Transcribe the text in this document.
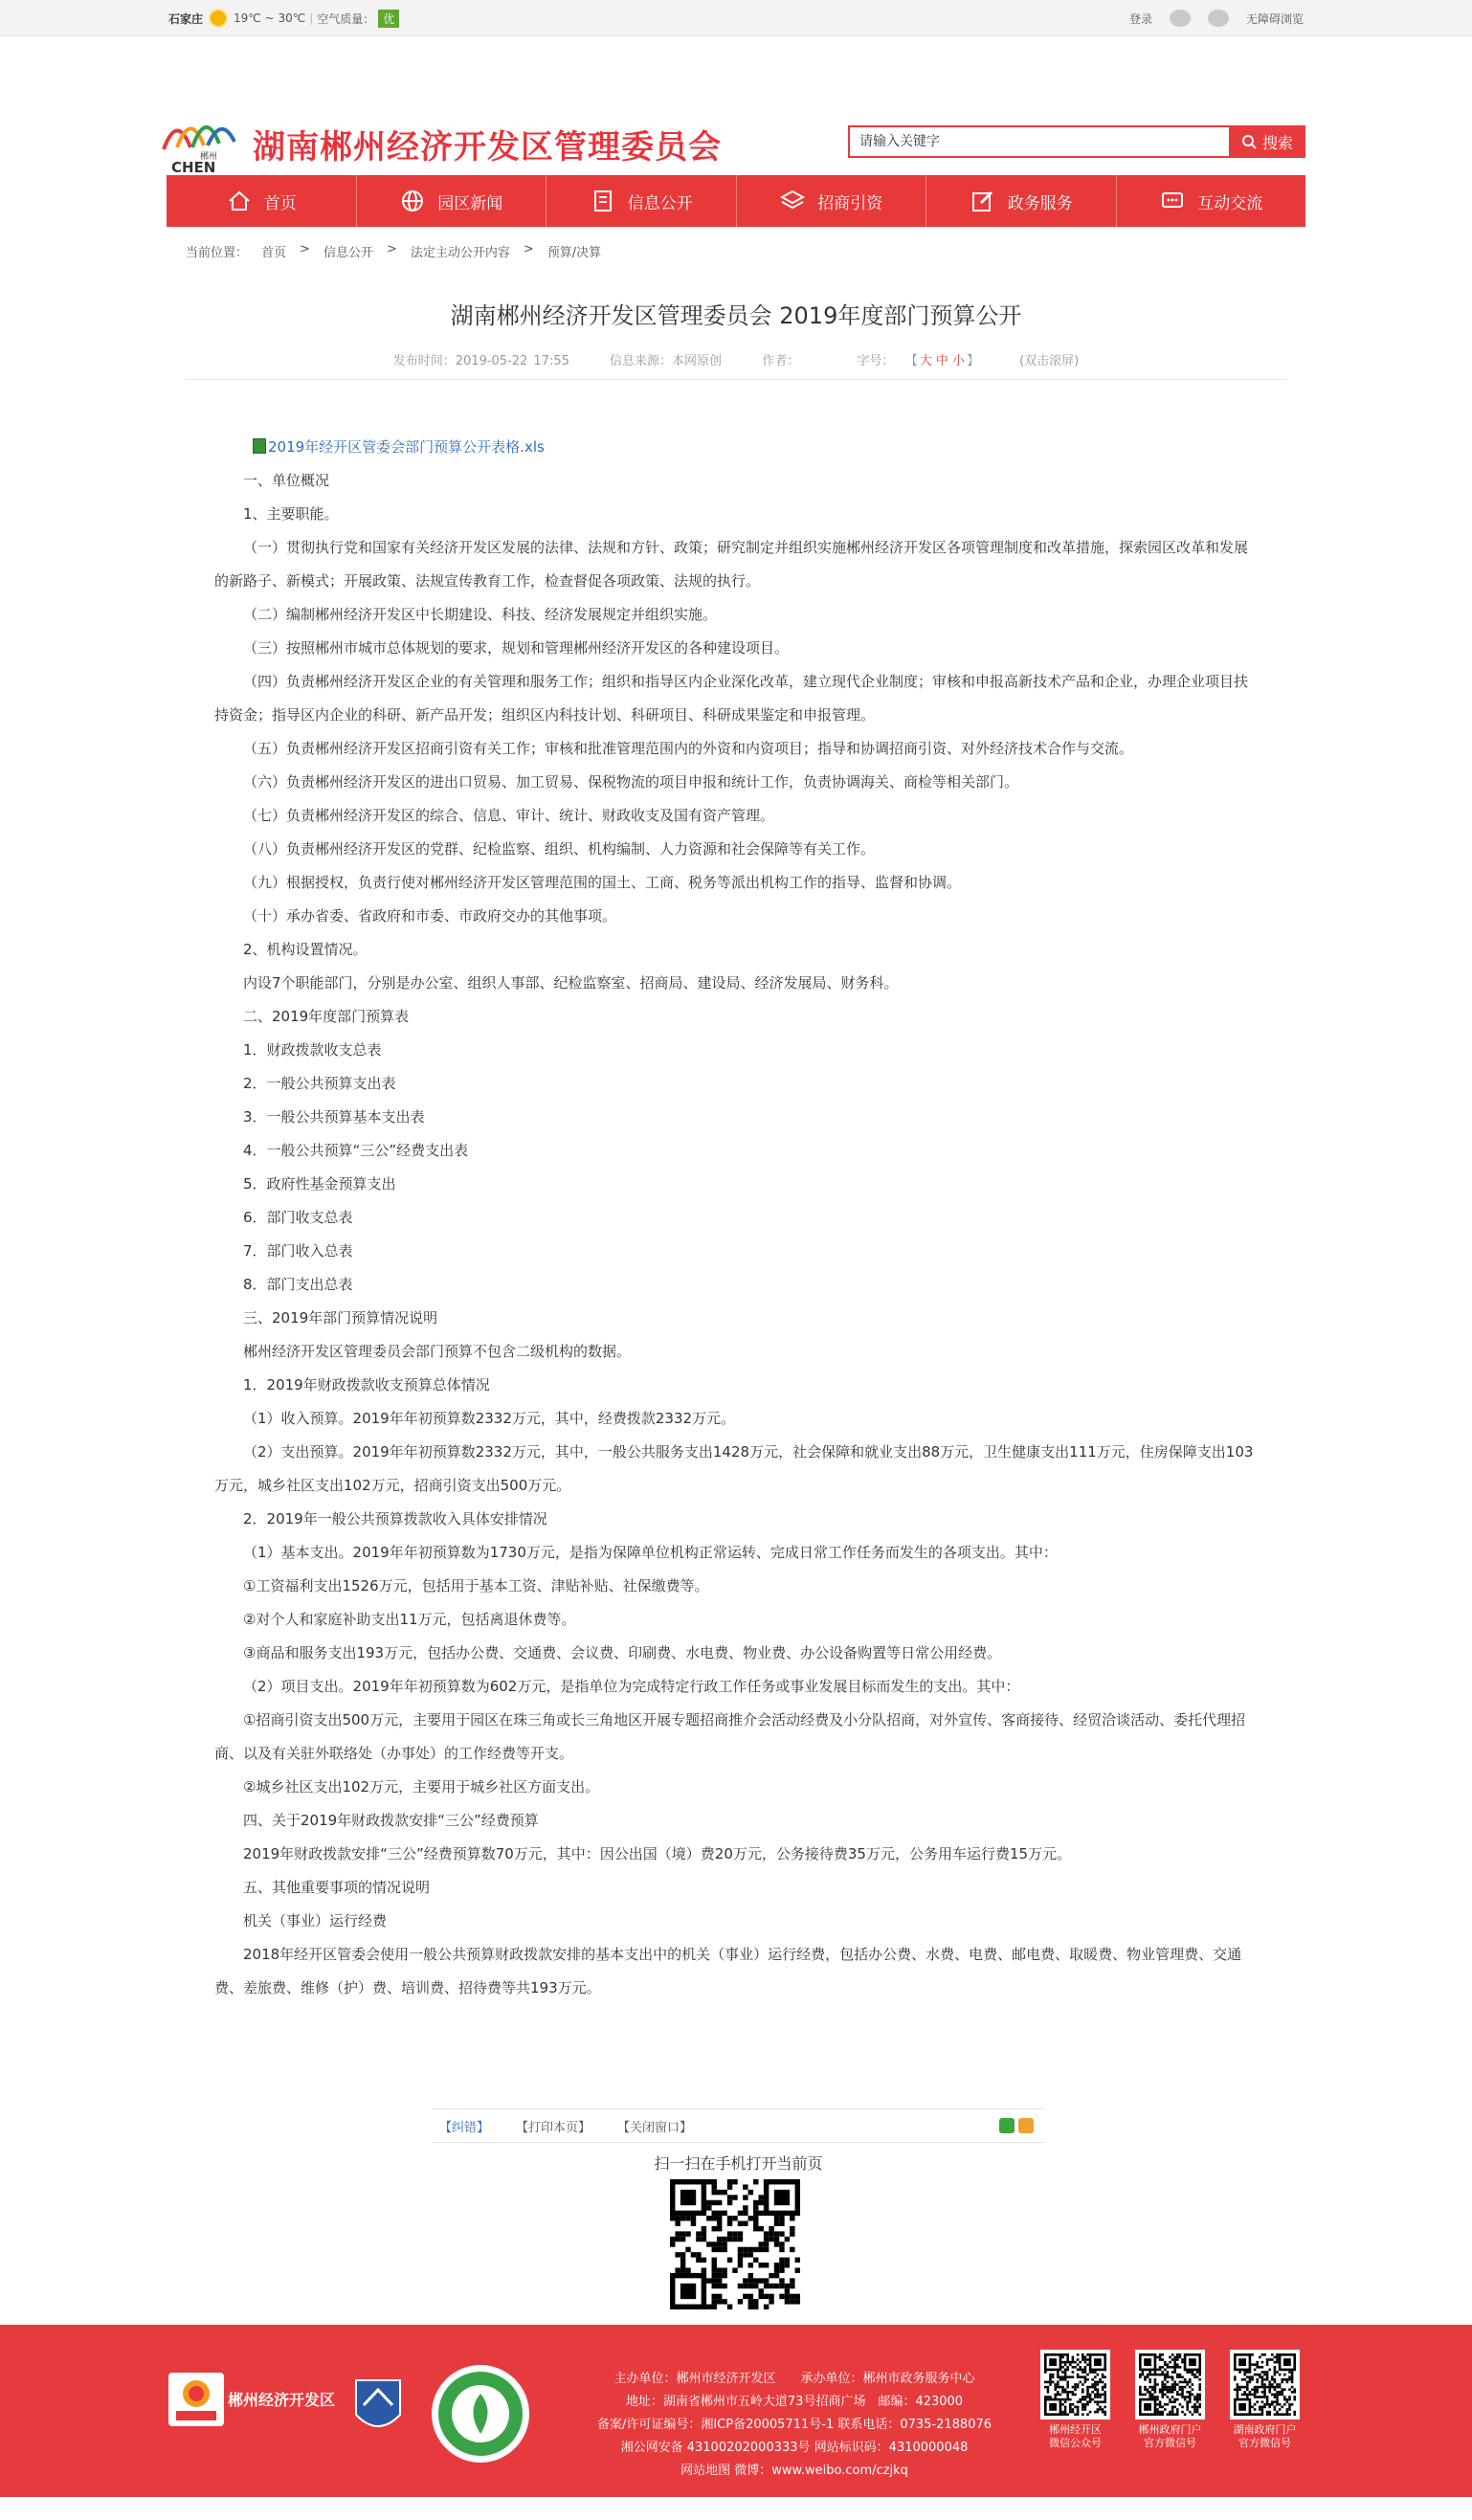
石家庄	19℃ ~ 30℃ | 空气质量： 优	登录	无障碍浏览
郴州
CHEN
湖南郴州经济开发区管理委员会
请输入关键字	搜索
首页	园区新闻	信息公开	招商引资	政务服务	互动交流
当前位置： 首页 > 信息公开 > 法定主动公开内容 > 预算/决算
湖南郴州经济开发区管理委员会 2019年度部门预算公开
发布时间：2019-05-22 17:55	信息来源：本网原创	作者：	字号： 【 大 中 小 】	(双击滚屏)

2019年经开区管委会部门预算公开表格.xls

一、单位概况

1、主要职能。

（一）贯彻执行党和国家有关经济开发区发展的法律、法规和方针、政策；研究制定并组织实施郴州经济开发区各项管理制度和改革措施，探索园区改革和发展的新路子、新模式；开展政策、法规宣传教育工作，检查督促各项政策、法规的执行。

（二）编制郴州经济开发区中长期建设、科技、经济发展规定并组织实施。

（三）按照郴州市城市总体规划的要求，规划和管理郴州经济开发区的各种建设项目。

（四）负责郴州经济开发区企业的有关管理和服务工作；组织和指导区内企业深化改革，建立现代企业制度；审核和申报高新技术产品和企业，办理企业项目扶持资金；指导区内企业的科研、新产品开发；组织区内科技计划、科研项目、科研成果鉴定和申报管理。

（五）负责郴州经济开发区招商引资有关工作；审核和批准管理范围内的外资和内资项目；指导和协调招商引资、对外经济技术合作与交流。

（六）负责郴州经济开发区的进出口贸易、加工贸易、保税物流的项目申报和统计工作，负责协调海关、商检等相关部门。

（七）负责郴州经济开发区的综合、信息、审计、统计、财政收支及国有资产管理。

（八）负责郴州经济开发区的党群、纪检监察、组织、机构编制、人力资源和社会保障等有关工作。

（九）根据授权，负责行使对郴州经济开发区管理范围的国土、工商、税务等派出机构工作的指导、监督和协调。

（十）承办省委、省政府和市委、市政府交办的其他事项。

2、机构设置情况。

内设7个职能部门，分别是办公室、组织人事部、纪检监察室、招商局、建设局、经济发展局、财务科。

二、2019年度部门预算表

1．财政拨款收支总表

2．一般公共预算支出表

3．一般公共预算基本支出表

4．一般公共预算“三公”经费支出表

5．政府性基金预算支出

6．部门收支总表

7．部门收入总表

8．部门支出总表

三、2019年部门预算情况说明

郴州经济开发区管理委员会部门预算不包含二级机构的数据。

1．2019年财政拨款收支预算总体情况

（1）收入预算。2019年年初预算数2332万元，其中，经费拨款2332万元。

（2）支出预算。2019年年初预算数2332万元，其中，一般公共服务支出1428万元，社会保障和就业支出88万元，卫生健康支出111万元，住房保障支出103万元，城乡社区支出102万元，招商引资支出500万元。

2．2019年一般公共预算拨款收入具体安排情况

（1）基本支出。2019年年初预算数为1730万元，是指为保障单位机构正常运转、完成日常工作任务而发生的各项支出。其中：

①工资福利支出1526万元，包括用于基本工资、津贴补贴、社保缴费等。

②对个人和家庭补助支出11万元，包括离退休费等。

③商品和服务支出193万元，包括办公费、交通费、会议费、印刷费、水电费、物业费、办公设备购置等日常公用经费。

（2）项目支出。2019年年初预算数为602万元，是指单位为完成特定行政工作任务或事业发展目标而发生的支出。其中：

①招商引资支出500万元，主要用于园区在珠三角或长三角地区开展专题招商推介会活动经费及小分队招商，对外宣传、客商接待、经贸洽谈活动、委托代理招商、以及有关驻外联络处（办事处）的工作经费等开支。

②城乡社区支出102万元，主要用于城乡社区方面支出。

四、关于2019年财政拨款安排“三公”经费预算

2019年财政拨款安排“三公”经费预算数70万元，其中：因公出国（境）费20万元，公务接待费35万元，公务用车运行费15万元。

五、其他重要事项的情况说明

机关（事业）运行经费

2018年经开区管委会使用一般公共预算财政拨款安排的基本支出中的机关（事业）运行经费，包括办公费、水费、电费、邮电费、取暖费、物业管理费、交通费、差旅费、维修（护）费、培训费、招待费等共193万元。

【纠错】 【打印本页】 【关闭窗口】
扫一扫在手机打开当前页
郴州经济开发区
主办单位：郴州市经济开发区　　 承办单位：郴州市政务服务中心
地址：湖南省郴州市五岭大道73号招商广场　邮编：423000
备案/许可证编号：湘ICP备20005711号-1 联系电话：0735-2188076
湘公网安备 43100202000333号 网站标识码：4310000048
网站地图 微博：www.weibo.com/czjkq
郴州经开区
微信公众号
郴州政府门户
官方微信号
湖南政府门户
官方微信号
